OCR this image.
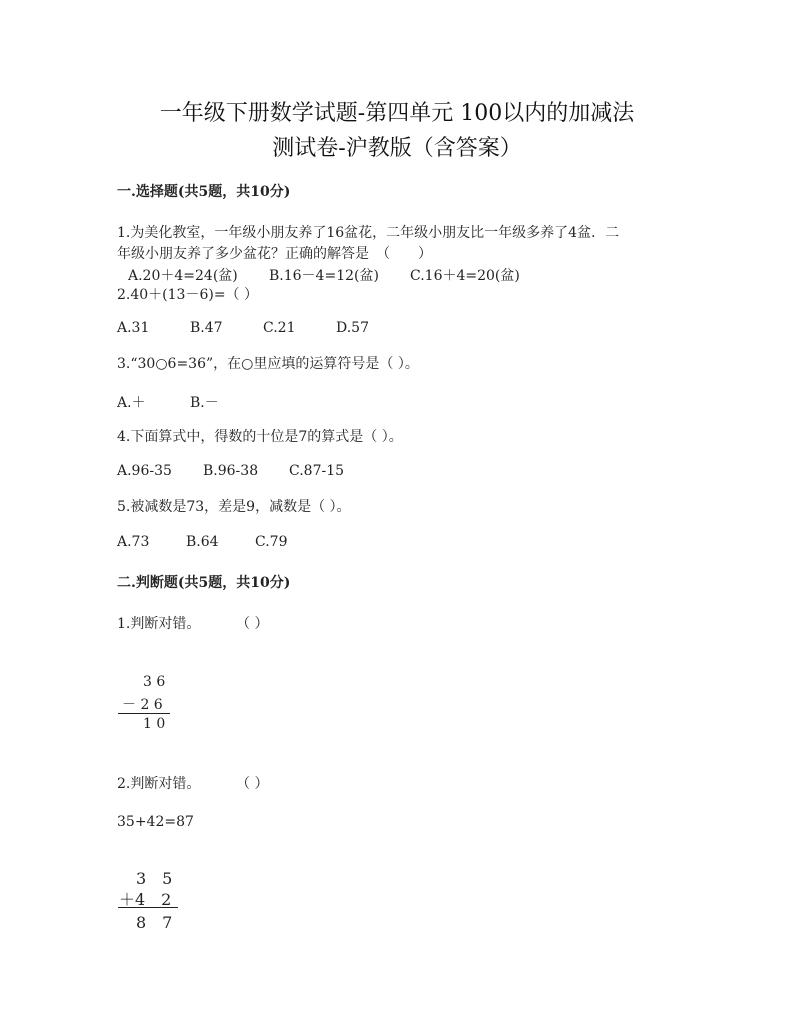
一年级下册数学试题-第四单元 100以内的加减法
测试卷-沪教版（含答案）
一.选择题(共5题，共10分)
1.为美化教室，一年级小朋友养了16盆花，二年级小朋友比一年级多养了4盆．二
年级小朋友养了多少盆花？正确的解答是　（　　）
A.20＋4=24(盆) B.16－4=12(盆) C.16＋4=20(盆)
2.40＋(13－6)=（ ）
A.31	B.47	C.21	D.57
3.“30○6=36”，在○里应填的运算符号是（ ）。
A.＋	B.－
4.下面算式中，得数的十位是7的算式是（ ）。
A.96-35 B.96-38 C.87-15
5.被减数是73，差是9，减数是（ ）。
A.73	B.64	C.79
二.判断题(共5题，共10分)
1.判断对错。	（ ）
3 6
－ 2 6
1 0
2.判断对错。	（ ）
35+42=87
3　5
＋4　2
8　7
